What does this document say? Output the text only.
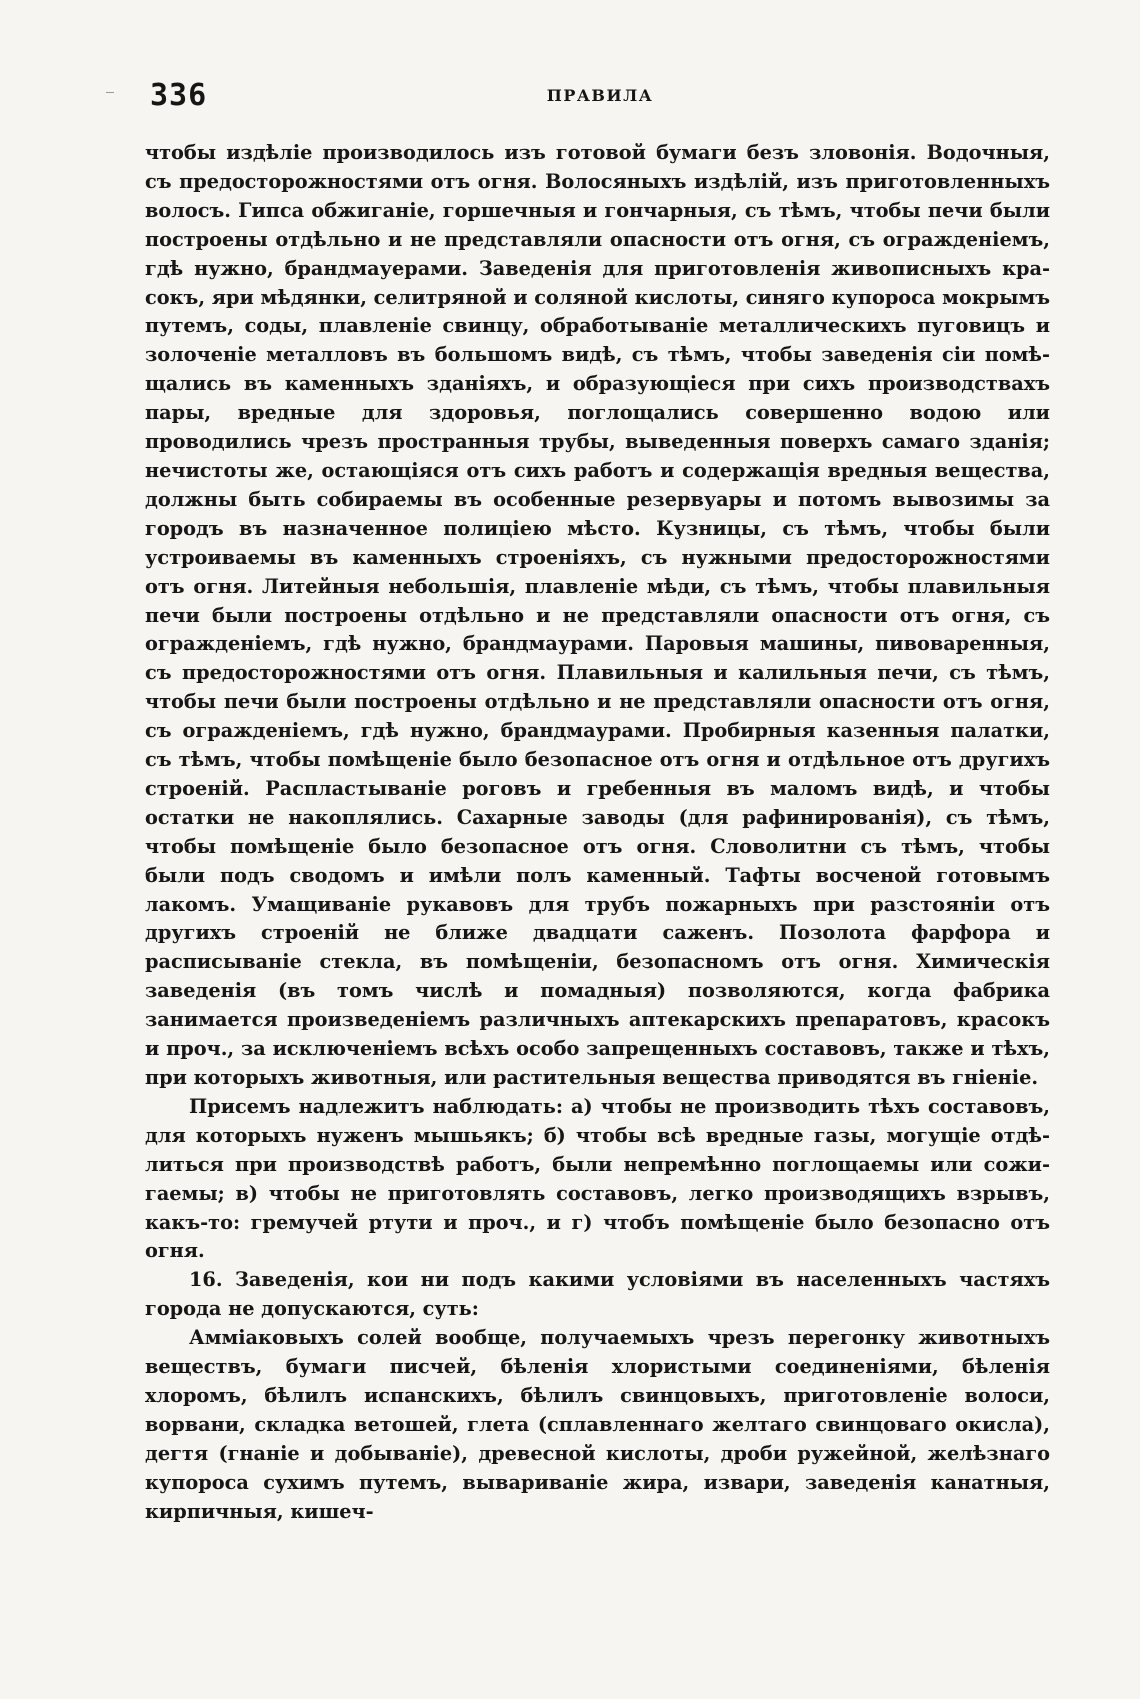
336	ПРАВИЛА

чтобы издѣліе производилось изъ готовой бумаги безъ зловонія. Водочныя, съ предосторожностями отъ огня. Волосяныхъ издѣлій, изъ приготовленныхъ волосъ. Гипса обжиганіе, горшечныя и гончарныя, съ тѣмъ, чтобы печи были построены отдѣльно и не представляли опасности отъ огня, съ огражденіемъ, гдѣ нужно, брандмауерами. Заведенія для приготовленія живописныхъ красокъ, яри мѣдянки, селитряной и соляной кислоты, синяго купороса мокрымъ путемъ, соды, плавленіе свинцу, обработываніе металлическихъ пуговицъ и золоченіе металловъ въ большомъ видѣ, съ тѣмъ, чтобы заведенія сіи помѣщались въ каменныхъ зданіяхъ, и образующіеся при сихъ производствахъ пары, вредные для здоровья, поглощались совершенно водою или проводились чрезъ пространныя трубы, выведенныя поверхъ самаго зданія; нечистоты же, остающіяся отъ сихъ работъ и содержащія вредныя вещества, должны быть собираемы въ особенные резервуары и потомъ вывозимы за городъ въ назначенное полиціею мѣсто. Кузницы, съ тѣмъ, чтобы были устроиваемы въ каменныхъ строеніяхъ, съ нужными предосторожностями отъ огня. Литейныя небольшія, плавленіе мѣди, съ тѣмъ, чтобы плавильныя печи были построены отдѣльно и не представляли опасности отъ огня, съ огражденіемъ, гдѣ нужно, брандмаурами. Паровыя машины, пивоваренныя, съ предосторожностями отъ огня. Плавильныя и калильныя печи, съ тѣмъ, чтобы печи были построены отдѣльно и не представляли опасности отъ огня, съ огражденіемъ, гдѣ нужно, брандмаурами. Пробирныя казенныя палатки, съ тѣмъ, чтобы помѣщеніе было безопасное отъ огня и отдѣльное отъ другихъ строеній. Распластываніе роговъ и гребенныя въ маломъ видѣ, и чтобы остатки не накоплялись. Сахарные заводы (для рафинированія), съ тѣмъ, чтобы помѣщеніе было безопасное отъ огня. Словолитни съ тѣмъ, чтобы были подъ сводомъ и имѣли полъ каменный. Тафты восченой готовымъ лакомъ. Умащиваніе рукавовъ для трубъ пожарныхъ при разстояніи отъ другихъ строеній не ближе двадцати саженъ. Позолота фарфора и расписываніе стекла, въ помѣщеніи, безопасномъ отъ огня. Химическія заведенія (въ томъ числѣ и помадныя) позволяются, когда фабрика занимается произведеніемъ различныхъ аптекарскихъ препаратовъ, красокъ и проч., за исключеніемъ всѣхъ особо запрещенныхъ составовъ, также и тѣхъ, при которыхъ животныя, или растительныя вещества приводятся въ гніеніе.

Присемъ надлежитъ наблюдать: а) чтобы не производить тѣхъ составовъ, для которыхъ нуженъ мышьякъ; б) чтобы всѣ вредные газы, могущіе отдѣлиться при производствѣ работъ, были непремѣнно поглощаемы или сожигаемы; в) чтобы не приготовлять составовъ, легко производящихъ взрывъ, какъ-то: гремучей ртути и проч., и г) чтобъ помѣщеніе было безопасно отъ огня.

16. Заведенія, кои ни подъ какими условіями въ населенныхъ частяхъ города не допускаются, суть:

Амміаковыхъ солей вообще, получаемыхъ чрезъ перегонку животныхъ веществъ, бумаги писчей, бѣленія хлористыми соединеніями, бѣленія хлоромъ, бѣлилъ испанскихъ, бѣлилъ свинцовыхъ, приготовленіе волоси, ворвани, складка ветошей, глета (сплавленнаго желтаго свинцоваго окисла), дегтя (гнаніе и добыванiе), древесной кислоты, дроби ружейной, желѣзнаго купороса сухимъ путемъ, вывариваніе жира, извари, заведенія канатныя, кирпичныя, кишеч-
